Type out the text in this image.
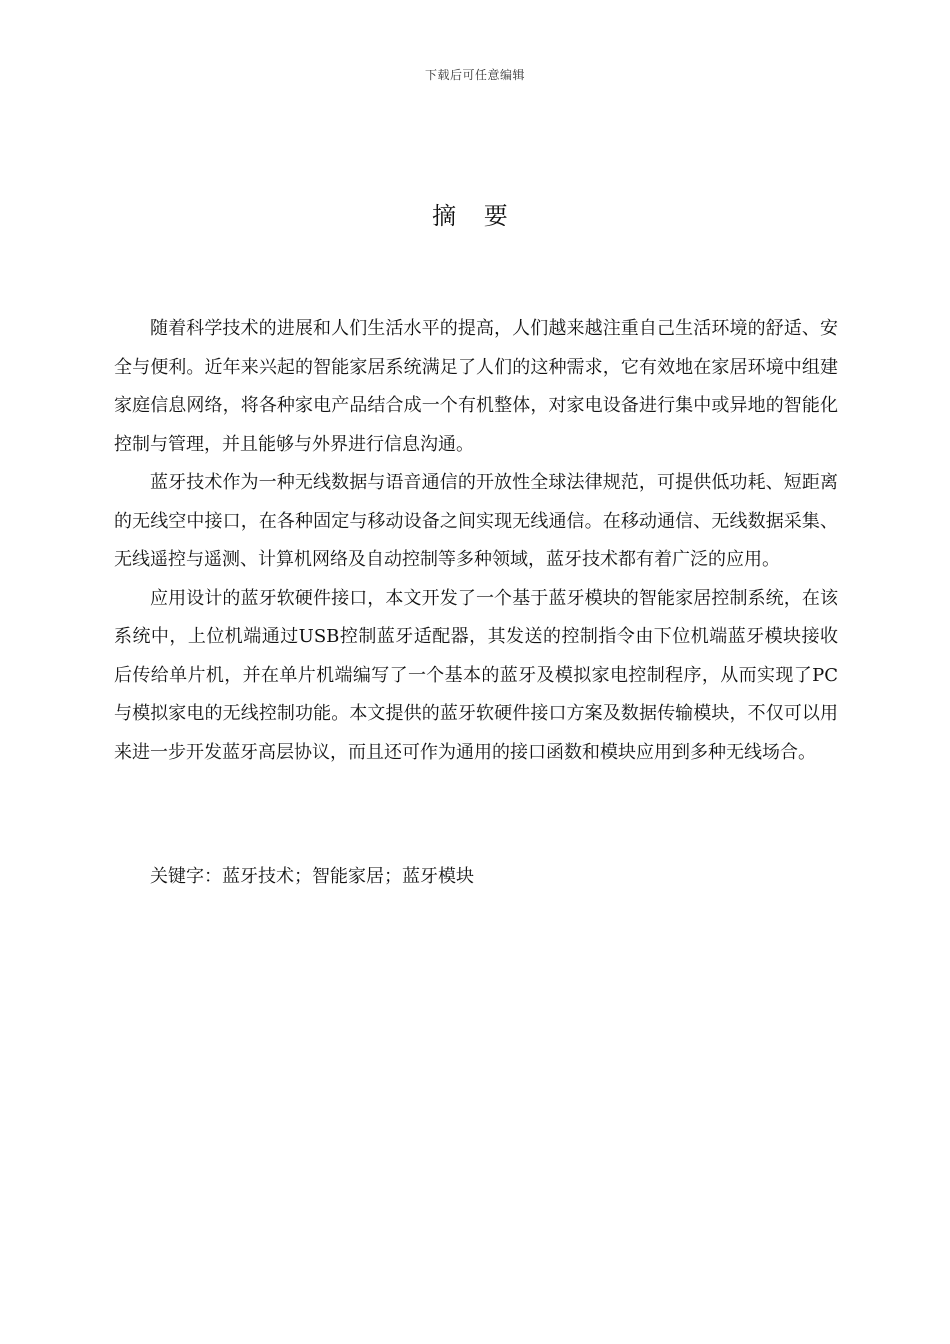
下载后可任意编辑
摘 要

随着科学技术的进展和人们生活水平的提高，人们越来越注重自己生活环境的舒适、安全与便利。近年来兴起的智能家居系统满足了人们的这种需求，它有效地在家居环境中组建家庭信息网络，将各种家电产品结合成一个有机整体，对家电设备进行集中或异地的智能化控制与管理，并且能够与外界进行信息沟通。

蓝牙技术作为一种无线数据与语音通信的开放性全球法律规范，可提供低功耗、短距离的无线空中接口，在各种固定与移动设备之间实现无线通信。在移动通信、无线数据采集、无线遥控与遥测、计算机网络及自动控制等多种领域，蓝牙技术都有着广泛的应用。

应用设计的蓝牙软硬件接口，本文开发了一个基于蓝牙模块的智能家居控制系统，在该系统中，上位机端通过USB控制蓝牙适配器，其发送的控制指令由下位机端蓝牙模块接收后传给单片机，并在单片机端编写了一个基本的蓝牙及模拟家电控制程序，从而实现了PC与模拟家电的无线控制功能。本文提供的蓝牙软硬件接口方案及数据传输模块，不仅可以用来进一步开发蓝牙高层协议，而且还可作为通用的接口函数和模块应用到多种无线场合。

关键字：蓝牙技术；智能家居；蓝牙模块
